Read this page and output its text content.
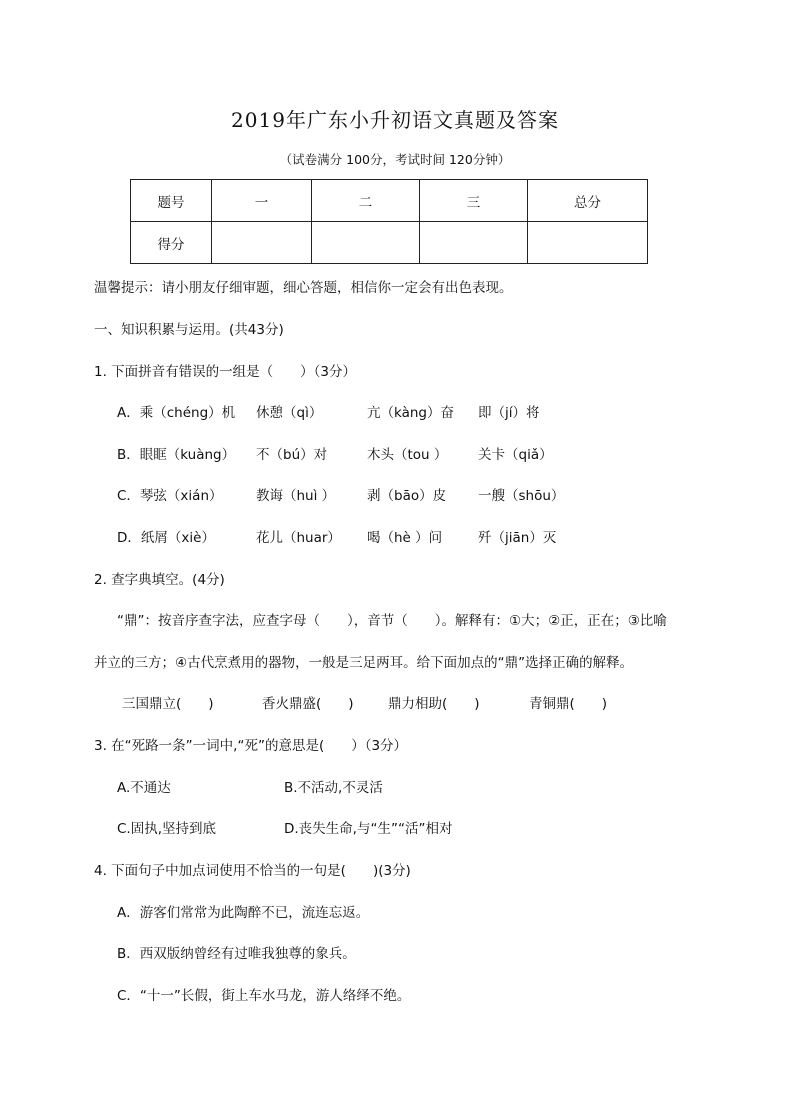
2019年广东小升初语文真题及答案
（试卷满分 100分，考试时间 120分钟）
题号	一	二	三	总分
得分				
温馨提示：请小朋友仔细审题，细心答题，相信你一定会有出色表现。
一、知识积累与运用。(共43分)
1. 下面拼音有错误的一组是（　　）（3分）
A．乘（chéng）机 休憩（qì）	亢（kàng）奋 即（jí）将
B．眼眶（kuàng） 不（bú）对	木头（tou ） 关卡（qiǎ）
C．琴弦（xián） 教诲（huì ） 剥（bāo）皮 一艘（shōu）
D．纸屑（xiè）	花儿（huar） 喝（hè ）问	歼（jiān）灭
2. 查字典填空。(4分)
“鼎”：按音序查字法，应查字母（　　），音节（　　）。解释有：①大；②正，正在；③比喻
并立的三方；④古代烹煮用的器物，一般是三足两耳。给下面加点的“鼎”选择正确的解释。
三国鼎立(　　)	香火鼎盛(　　)	鼎力相助(　　)	青铜鼎(　　)
3. 在“死路一条”一词中,“死”的意思是(　　）（3分）
A.不通达	B.不活动,不灵活
C.固执,坚持到底	D.丧失生命,与“生”“活”相对
4. 下面句子中加点词使用不恰当的一句是(　　)(3分)
A．游客们常常为此陶醉不已，流连忘返。
B．西双版纳曾经有过唯我独尊的象兵。
C．“十一”长假，街上车水马龙，游人络绎不绝。
